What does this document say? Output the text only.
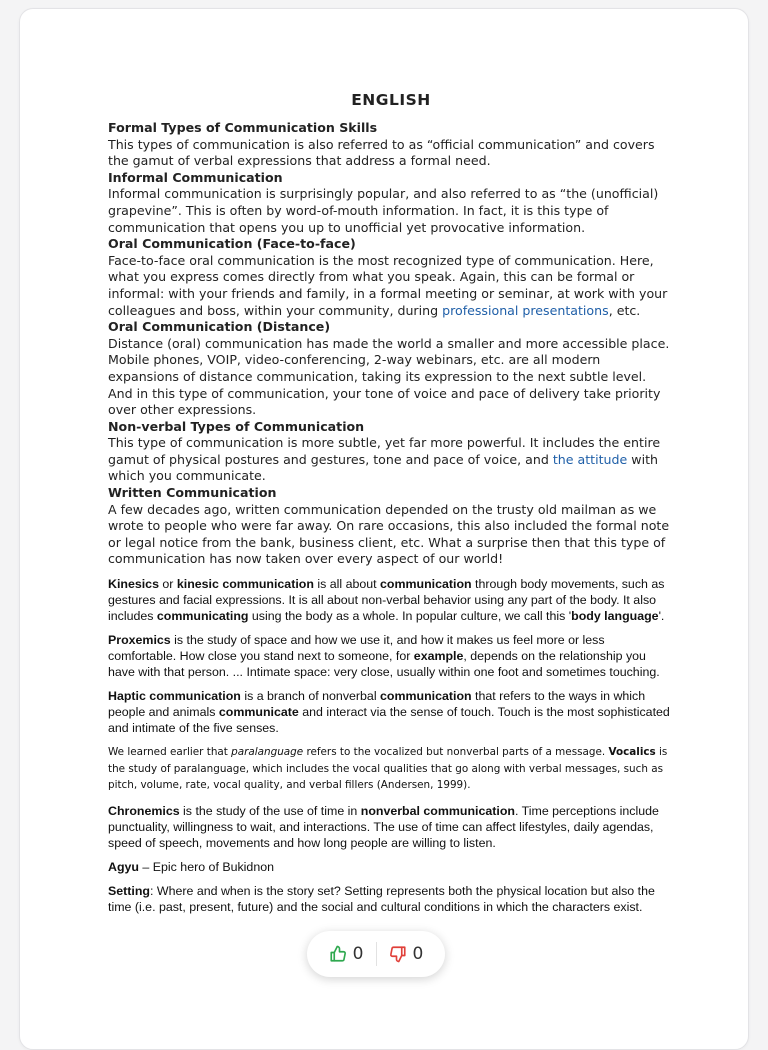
ENGLISH

Formal Types of Communication Skills

This types of communication is also referred to as “official communication” and covers the gamut of verbal expressions that address a formal need.

Informal Communication

Informal communication is surprisingly popular, and also referred to as “the (unofficial) grapevine”. This is often by word-of-mouth information. In fact, it is this type of communication that opens you up to unofficial yet provocative information.

Oral Communication (Face-to-face)

Face-to-face oral communication is the most recognized type of communication. Here, what you express comes directly from what you speak. Again, this can be formal or informal: with your friends and family, in a formal meeting or seminar, at work with your colleagues and boss, within your community, during professional presentations, etc.

Oral Communication (Distance)

Distance (oral) communication has made the world a smaller and more accessible place. Mobile phones, VOIP, video-conferencing, 2-way webinars, etc. are all modern expansions of distance communication, taking its expression to the next subtle level. And in this type of communication, your tone of voice and pace of delivery take priority over other expressions.

Non-verbal Types of Communication

This type of communication is more subtle, yet far more powerful. It includes the entire gamut of physical postures and gestures, tone and pace of voice, and the attitude with which you communicate.

Written Communication

A few decades ago, written communication depended on the trusty old mailman as we wrote to people who were far away. On rare occasions, this also included the formal note or legal notice from the bank, business client, etc. What a surprise then that this type of communication has now taken over every aspect of our world!

Kinesics or kinesic communication is all about communication through body movements, such as gestures and facial expressions. It is all about non-verbal behavior using any part of the body. It also includes communicating using the body as a whole. In popular culture, we call this 'body language'.

Proxemics is the study of space and how we use it, and how it makes us feel more or less comfortable. How close you stand next to someone, for example, depends on the relationship you have with that person. ... Intimate space: very close, usually within one foot and sometimes touching.

Haptic communication is a branch of nonverbal communication that refers to the ways in which people and animals communicate and interact via the sense of touch. Touch is the most sophisticated and intimate of the five senses.

We learned earlier that paralanguage refers to the vocalized but nonverbal parts of a message. Vocalics is the study of paralanguage, which includes the vocal qualities that go along with verbal messages, such as pitch, volume, rate, vocal quality, and verbal fillers (Andersen, 1999).

Chronemics is the study of the use of time in nonverbal communication. Time perceptions include punctuality, willingness to wait, and interactions. The use of time can affect lifestyles, daily agendas, speed of speech, movements and how long people are willing to listen.

Agyu – Epic hero of Bukidnon

Setting: Where and when is the story set? Setting represents both the physical location but also the time (i.e. past, present, future) and the social and cultural conditions in which the characters exist.

0	0
